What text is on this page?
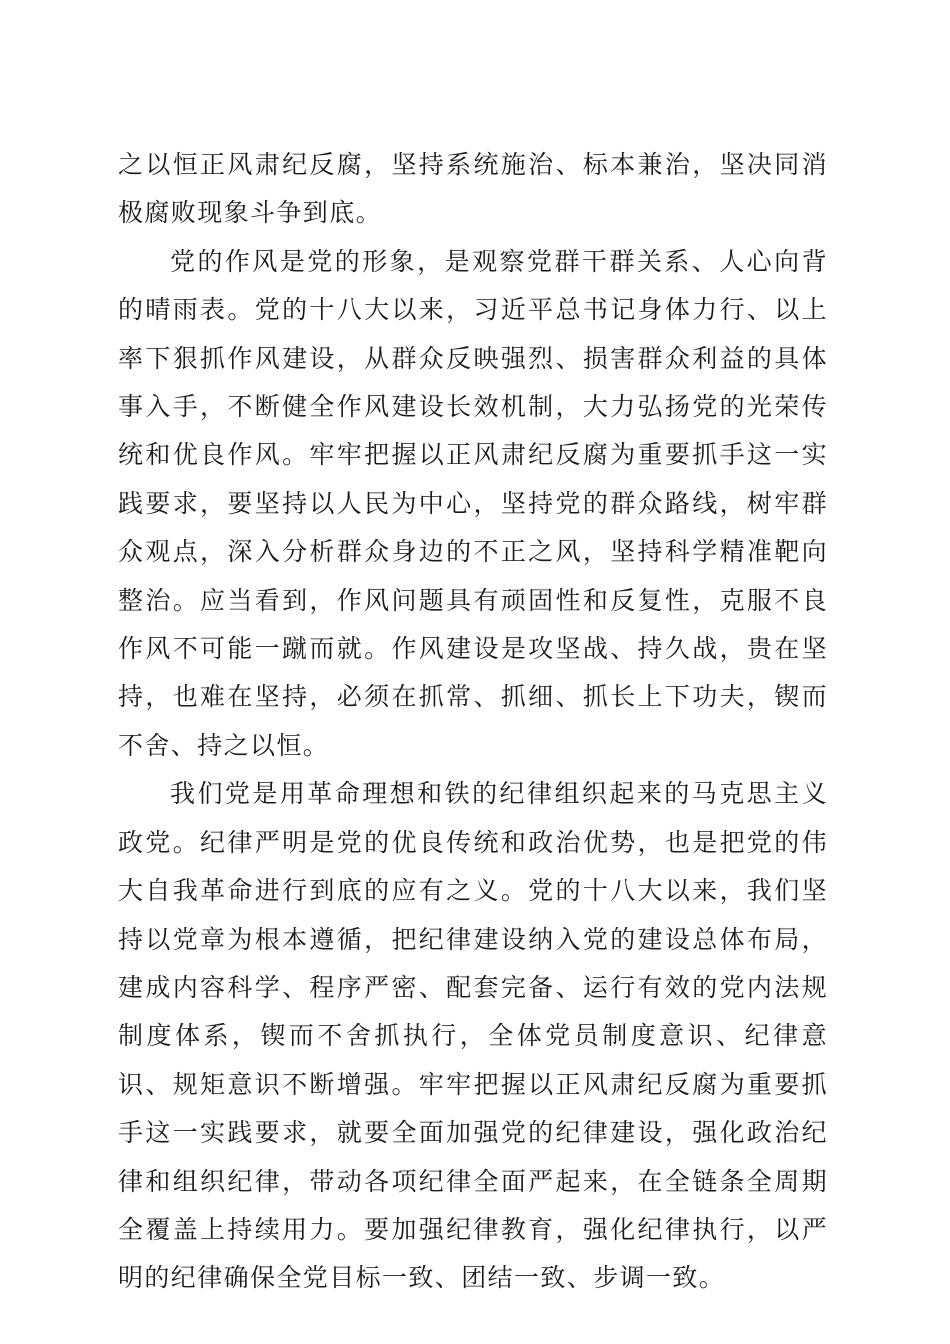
之以恒正风肃纪反腐，坚持系统施治、标本兼治，坚决同消极腐败现象斗争到底。

党的作风是党的形象，是观察党群干群关系、人心向背的晴雨表。党的十八大以来，习近平总书记身体力行、以上率下狠抓作风建设，从群众反映强烈、损害群众利益的具体事入手，不断健全作风建设长效机制，大力弘扬党的光荣传统和优良作风。牢牢把握以正风肃纪反腐为重要抓手这一实践要求，要坚持以人民为中心，坚持党的群众路线，树牢群众观点，深入分析群众身边的不正之风，坚持科学精准靶向整治。应当看到，作风问题具有顽固性和反复性，克服不良作风不可能一蹴而就。作风建设是攻坚战、持久战，贵在坚持，也难在坚持，必须在抓常、抓细、抓长上下功夫，锲而不舍、持之以恒。

我们党是用革命理想和铁的纪律组织起来的马克思主义政党。纪律严明是党的优良传统和政治优势，也是把党的伟大自我革命进行到底的应有之义。党的十八大以来，我们坚持以党章为根本遵循，把纪律建设纳入党的建设总体布局，建成内容科学、程序严密、配套完备、运行有效的党内法规制度体系，锲而不舍抓执行，全体党员制度意识、纪律意识、规矩意识不断增强。牢牢把握以正风肃纪反腐为重要抓手这一实践要求，就要全面加强党的纪律建设，强化政治纪律和组织纪律，带动各项纪律全面严起来，在全链条全周期全覆盖上持续用力。要加强纪律教育，强化纪律执行，以严明的纪律确保全党目标一致、团结一致、步调一致。
